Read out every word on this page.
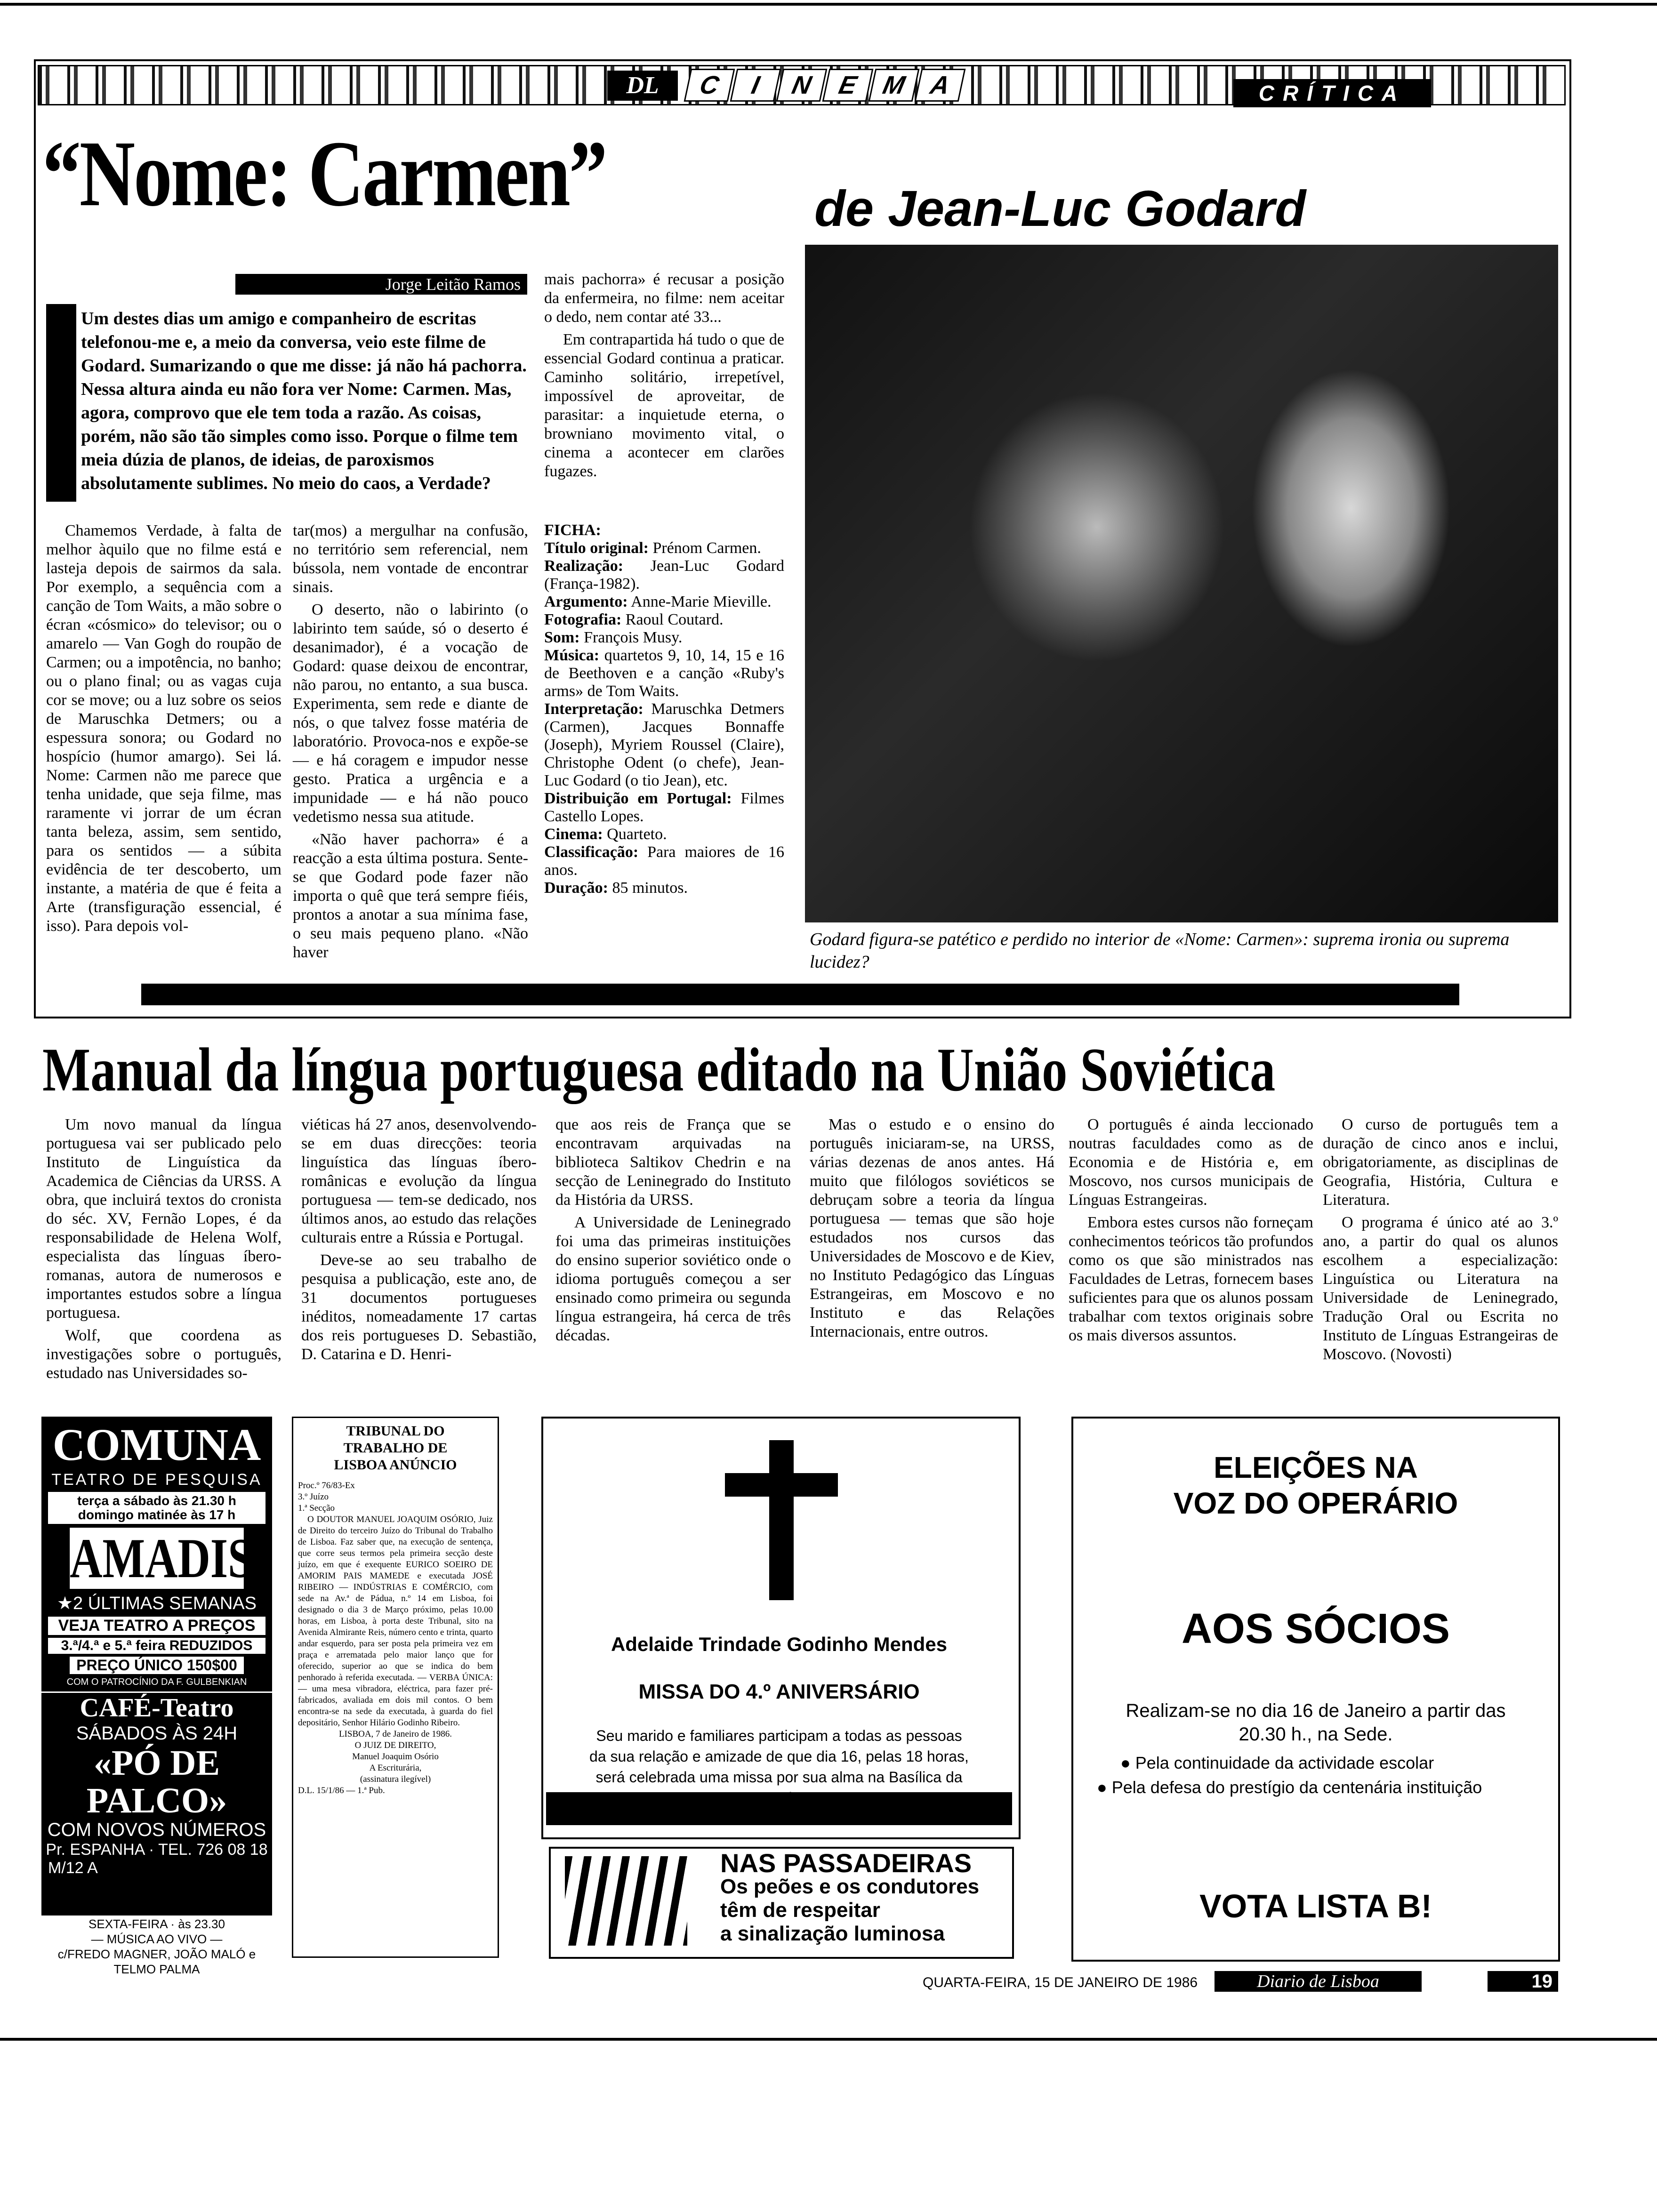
DL	C I N E M A	CRÍTICA
“Nome: Carmen”	de Jean-Luc Godard
Jorge Leitão Ramos
Um destes dias um amigo e companheiro de escritas telefonou-me e, a meio da conversa, veio este filme de Godard. Sumarizando o que me disse: já não há pachorra. Nessa altura ainda eu não fora ver Nome: Carmen. Mas, agora, comprovo que ele tem toda a razão. As coisas, porém, não são tão simples como isso. Porque o filme tem meia dúzia de planos, de ideias, de paroxismos absolutamente sublimes. No meio do caos, a Verdade?

Chamemos Verdade, à falta de melhor àquilo que no filme está e lasteja depois de sairmos da sala. Por exemplo, a sequência com a canção de Tom Waits, a mão sobre o écran «cósmico» do televisor; ou o amarelo — Van Gogh do roupão de Carmen; ou a impotência, no banho; ou o plano final; ou as vagas cuja cor se move; ou a luz sobre os seios de Maruschka Detmers; ou a espessura sonora; ou Godard no hospício (humor amargo). Sei lá. Nome: Carmen não me parece que tenha unidade, que seja filme, mas raramente vi jorrar de um écran tanta beleza, assim, sem sentido, para os sentidos — a súbita evidência de ter descoberto, um instante, a matéria de que é feita a Arte (transfiguração essencial, é isso). Para depois vol-

tar(mos) a mergulhar na confusão, no território sem referencial, nem bússola, nem vontade de encontrar sinais.

O deserto, não o labirinto (o labirinto tem saúde, só o deserto é desanimador), é a vocação de Godard: quase deixou de encontrar, não parou, no entanto, a sua busca. Experimenta, sem rede e diante de nós, o que talvez fosse matéria de laboratório. Provoca-nos e expõe-se — e há coragem e impudor nesse gesto. Pratica a urgência e a impunidade — e há não pouco vedetismo nessa sua atitude.

«Não haver pachorra» é a reacção a esta última postura. Sente-se que Godard pode fazer não importa o quê que terá sempre fiéis, prontos a anotar a sua mínima fase, o seu mais pequeno plano. «Não haver

mais pachorra» é recusar a posição da enfermeira, no filme: nem aceitar o dedo, nem contar até 33...

Em contrapartida há tudo o que de essencial Godard continua a praticar. Caminho solitário, irrepetível, impossível de aproveitar, de parasitar: a inquietude eterna, o browniano movimento vital, o cinema a acontecer em clarões fugazes.

FICHA:
Título original: Prénom Carmen.
Realização: Jean-Luc Godard (França-1982).
Argumento: Anne-Marie Mieville.
Fotografia: Raoul Coutard.
Som: François Musy.
Música: quartetos 9, 10, 14, 15 e 16 de Beethoven e a canção «Ruby's arms» de Tom Waits.
Interpretação: Maruschka Detmers (Carmen), Jacques Bonnaffe (Joseph), Myriem Roussel (Claire), Christophe Odent (o chefe), Jean-Luc Godard (o tio Jean), etc.
Distribuição em Portugal: Filmes Castello Lopes.
Cinema: Quarteto.
Classificação: Para maiores de 16 anos.
Duração: 85 minutos.
Godard figura-se patético e perdido no interior de «Nome: Carmen»: suprema ironia ou suprema lucidez?
Manual da língua portuguesa editado na União Soviética

Um novo manual da língua portuguesa vai ser publicado pelo Instituto de Linguística da Academica de Ciências da URSS. A obra, que incluirá textos do cronista do séc. XV, Fernão Lopes, é da responsabilidade de Helena Wolf, especialista das línguas íbero-romanas, autora de numerosos e importantes estudos sobre a língua portuguesa.

Wolf, que coordena as investigações sobre o português, estudado nas Universidades so-

viéticas há 27 anos, desenvolvendo-se em duas direcções: teoria linguística das línguas íbero-românicas e evolução da língua portuguesa — tem-se dedicado, nos últimos anos, ao estudo das relações culturais entre a Rússia e Portugal.

Deve-se ao seu trabalho de pesquisa a publicação, este ano, de 31 documentos portugueses inéditos, nomeadamente 17 cartas dos reis portugueses D. Sebastião, D. Catarina e D. Henri-

que aos reis de França que se encontravam arquivadas na biblioteca Saltikov Chedrin e na secção de Leninegrado do Instituto da História da URSS.

A Universidade de Leninegrado foi uma das primeiras instituições do ensino superior soviético onde o idioma português começou a ser ensinado como primeira ou segunda língua estrangeira, há cerca de três décadas.

Mas o estudo e o ensino do português iniciaram-se, na URSS, várias dezenas de anos antes. Há muito que filólogos soviéticos se debruçam sobre a teoria da língua portuguesa — temas que são hoje estudados nos cursos das Universidades de Moscovo e de Kiev, no Instituto Pedagógico das Línguas Estrangeiras, em Moscovo e no Instituto e das Relações Internacionais, entre outros.

O português é ainda leccionado noutras faculdades como as de Economia e de História e, em Moscovo, nos cursos municipais de Línguas Estrangeiras.

Embora estes cursos não forneçam conhecimentos teóricos tão profundos como os que são ministrados nas Faculdades de Letras, fornecem bases suficientes para que os alunos possam trabalhar com textos originais sobre os mais diversos assuntos.

O curso de português tem a duração de cinco anos e inclui, obrigatoriamente, as disciplinas de Geografia, História, Cultura e Literatura.

O programa é único até ao 3.º ano, a partir do qual os alunos escolhem a especialização: Linguística ou Literatura na Universidade de Leninegrado, Tradução Oral ou Escrita no Instituto de Línguas Estrangeiras de Moscovo. (Novosti)

COMUNA
TEATRO DE PESQUISA
terça a sábado às 21.30 h domingo matinée às 17 h
AMADIS
★2 ÚLTIMAS SEMANAS
VEJA TEATRO A PREÇOS
3.ª/4.ª e 5.ª feira REDUZIDOS
PREÇO ÚNICO 150$00
COM O PATROCÍNIO DA F. GULBENKIAN
CAFÉ-Teatro
SÁBADOS ÀS 24H
«PÓ DE
PALCO»
COM NOVOS NÚMEROS
Pr. ESPANHA · TEL. 726 08 18
M/12 A
SEXTA-FEIRA · às 23.30
— MÚSICA AO VIVO —
c/FREDO MAGNER, JOÃO MALÓ e TELMO PALMA
TRIBUNAL DO TRABALHO DE LISBOA ANÚNCIO
Proc.º 76/83-Ex
3.º Juízo
1.ª Secção
O DOUTOR MANUEL JOAQUIM OSÓRIO, Juiz de Direito do terceiro Juízo do Tribunal do Trabalho de Lisboa. Faz saber que, na execução de sentença, que corre seus termos pela primeira secção deste juízo, em que é exequente EURICO SOEIRO DE AMORIM PAIS MAMEDE e executada JOSÉ RIBEIRO — INDÚSTRIAS E COMÉRCIO, com sede na Av.ª de Pádua, n.º 14 em Lisboa, foi designado o dia 3 de Março próximo, pelas 10.00 horas, em Lisboa, à porta deste Tribunal, sito na Avenida Almirante Reis, número cento e trinta, quarto andar esquerdo, para ser posta pela primeira vez em praça e arrematada pelo maior lanço que for oferecido, superior ao que se indica do bem penhorado à referida executada. — VERBA ÚNICA: — uma mesa vibradora, eléctrica, para fazer pré-fabricados, avaliada em dois mil contos. O bem encontra-se na sede da executada, à guarda do fiel depositário, Senhor Hilário Godinho Ribeiro.
LISBOA, 7 de Janeiro de 1986.
O JUIZ DE DIREITO,
Manuel Joaquim Osório
A Escriturária,
(assinatura ilegível)
D.L. 15/1/86 — 1.ª Pub.
Adelaide Trindade Godinho Mendes
MISSA DO 4.º ANIVERSÁRIO
Seu marido e familiares participam a todas as pessoas da sua relação e amizade de que dia 16, pelas 18 horas, será celebrada uma missa por sua alma na Basílica da
NAS PASSADEIRAS
Os peões e os condutores
têm de respeitar
a sinalização luminosa
ELEIÇÕES NA
VOZ DO OPERÁRIO
AOS SÓCIOS
Realizam-se no dia 16 de Janeiro a partir das 20.30 h., na Sede.
● Pela continuidade da actividade escolar
● Pela defesa do prestígio da centenária instituição
VOTA LISTA B!
QUARTA-FEIRA, 15 DE JANEIRO DE 1986	Diario de Lisboa	19
